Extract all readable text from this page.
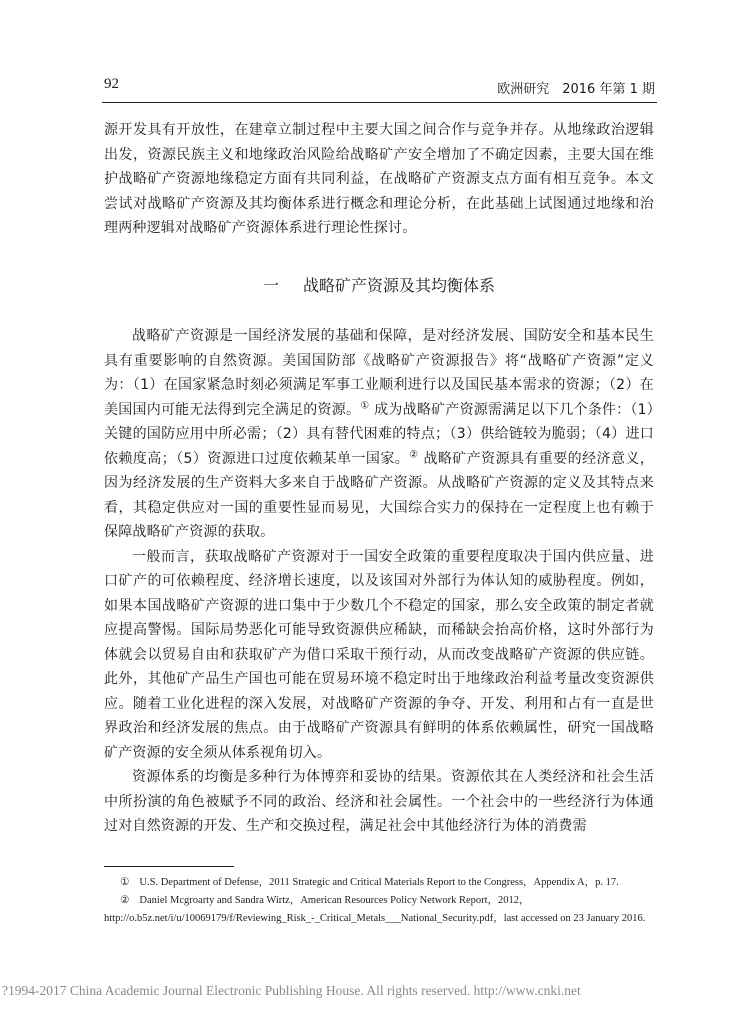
92	欧洲研究　2016 年第 1 期

源开发具有开放性，在建章立制过程中主要大国之间合作与竞争并存。从地缘政治逻辑出发，资源民族主义和地缘政治风险给战略矿产安全增加了不确定因素，主要大国在维护战略矿产资源地缘稳定方面有共同利益，在战略矿产资源支点方面有相互竞争。本文尝试对战略矿产资源及其均衡体系进行概念和理论分析，在此基础上试图通过地缘和治理两种逻辑对战略矿产资源体系进行理论性探讨。

一 战略矿产资源及其均衡体系

战略矿产资源是一国经济发展的基础和保障，是对经济发展、国防安全和基本民生具有重要影响的自然资源。美国国防部《战略矿产资源报告》将“战略矿产资源”定义为：（1）在国家紧急时刻必须满足军事工业顺利进行以及国民基本需求的资源；（2）在美国国内可能无法得到完全满足的资源。① 成为战略矿产资源需满足以下几个条件：（1）关键的国防应用中所必需；（2）具有替代困难的特点；（3）供给链较为脆弱；（4）进口依赖度高；（5）资源进口过度依赖某单一国家。② 战略矿产资源具有重要的经济意义，因为经济发展的生产资料大多来自于战略矿产资源。从战略矿产资源的定义及其特点来看，其稳定供应对一国的重要性显而易见，大国综合实力的保持在一定程度上也有赖于保障战略矿产资源的获取。

一般而言，获取战略矿产资源对于一国安全政策的重要程度取决于国内供应量、进口矿产的可依赖程度、经济增长速度，以及该国对外部行为体认知的威胁程度。例如，如果本国战略矿产资源的进口集中于少数几个不稳定的国家，那么安全政策的制定者就应提高警惕。国际局势恶化可能导致资源供应稀缺，而稀缺会抬高价格，这时外部行为体就会以贸易自由和获取矿产为借口采取干预行动，从而改变战略矿产资源的供应链。此外，其他矿产品生产国也可能在贸易环境不稳定时出于地缘政治利益考量改变资源供应。随着工业化进程的深入发展，对战略矿产资源的争夺、开发、利用和占有一直是世界政治和经济发展的焦点。由于战略矿产资源具有鲜明的体系依赖属性，研究一国战略矿产资源的安全须从体系视角切入。

资源体系的均衡是多种行为体博弈和妥协的结果。资源依其在人类经济和社会生活中所扮演的角色被赋予不同的政治、经济和社会属性。一个社会中的一些经济行为体通过对自然资源的开发、生产和交换过程，满足社会中其他经济行为体的消费需

① U.S. Department of Defense，2011 Strategic and Critical Materials Report to the Congress，Appendix A，p. 17.

② Daniel Mcgroarty and Sandra Wirtz，American Resources Policy Network Report，2012，http://o.b5z.net/i/u/10069179/f/Reviewing_Risk_-_Critical_Metals___National_Security.pdf，last accessed on 23 January 2016.

?1994-2017 China Academic Journal Electronic Publishing House. All rights reserved. http://www.cnki.net
